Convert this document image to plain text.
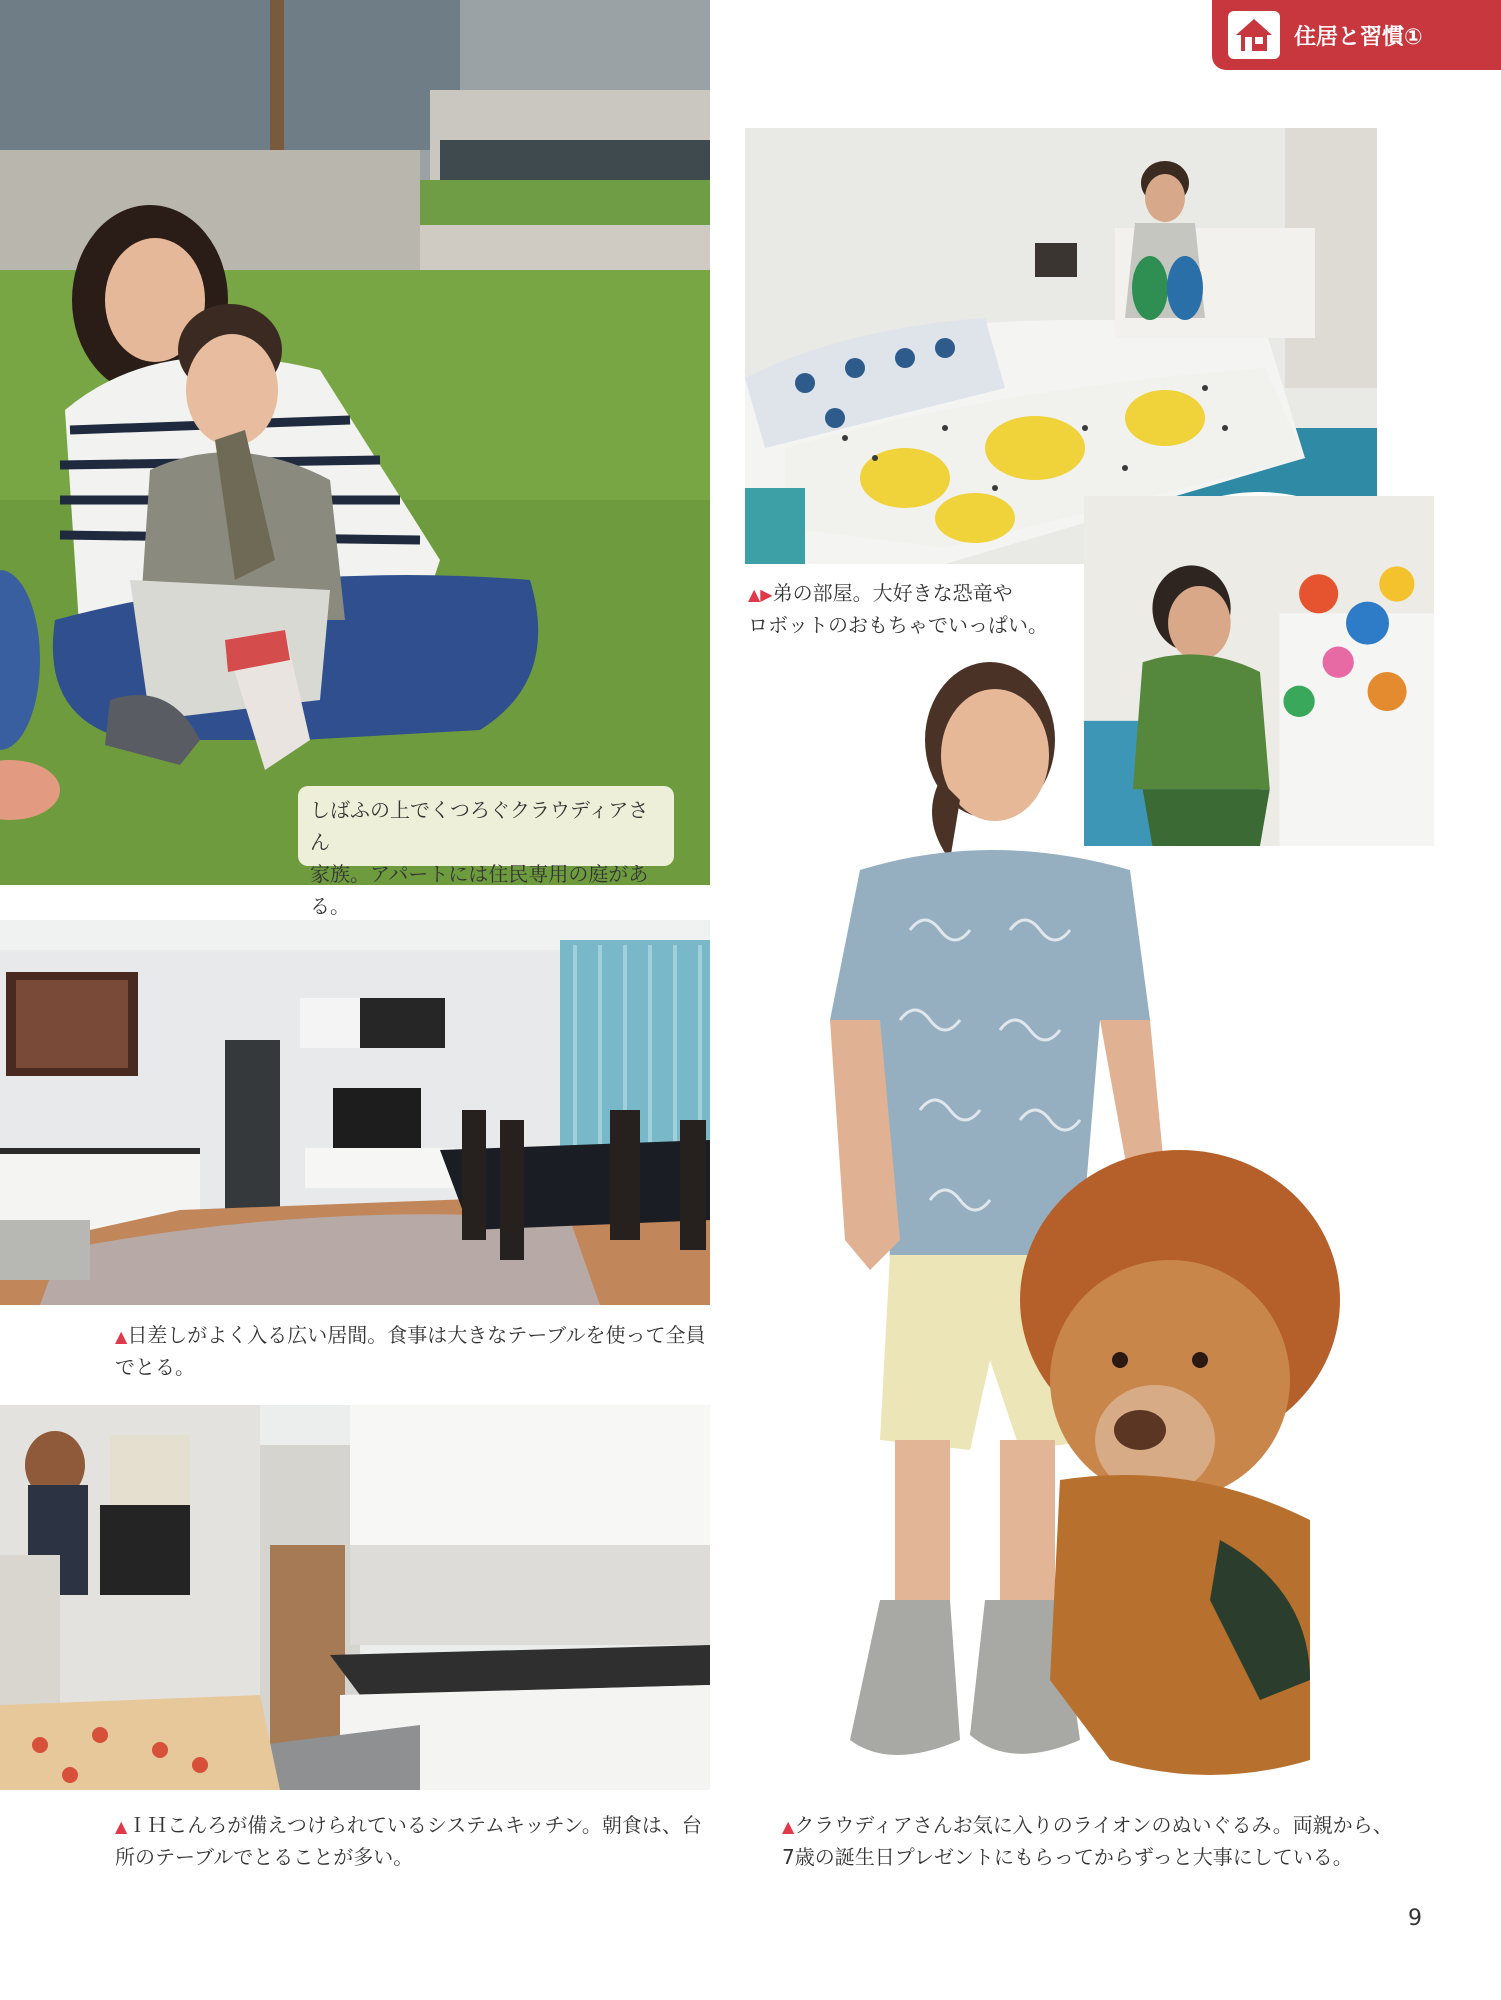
住居と習慣①
しばふの上でくつろぐクラウディアさん
家族。アパートには住民専用の庭がある。
▲▶弟の部屋。大好きな恐竜や
ロボットのおもちゃでいっぱい。
▲日差しがよく入る広い居間。食事は大きなテーブルを使って全員
でとる。
▲ＩＨこんろが備えつけられているシステムキッチン。朝食は、台
所のテーブルでとることが多い。
▲クラウディアさんお気に入りのライオンのぬいぐるみ。両親から、
7歳の誕生日プレゼントにもらってからずっと大事にしている。
9
